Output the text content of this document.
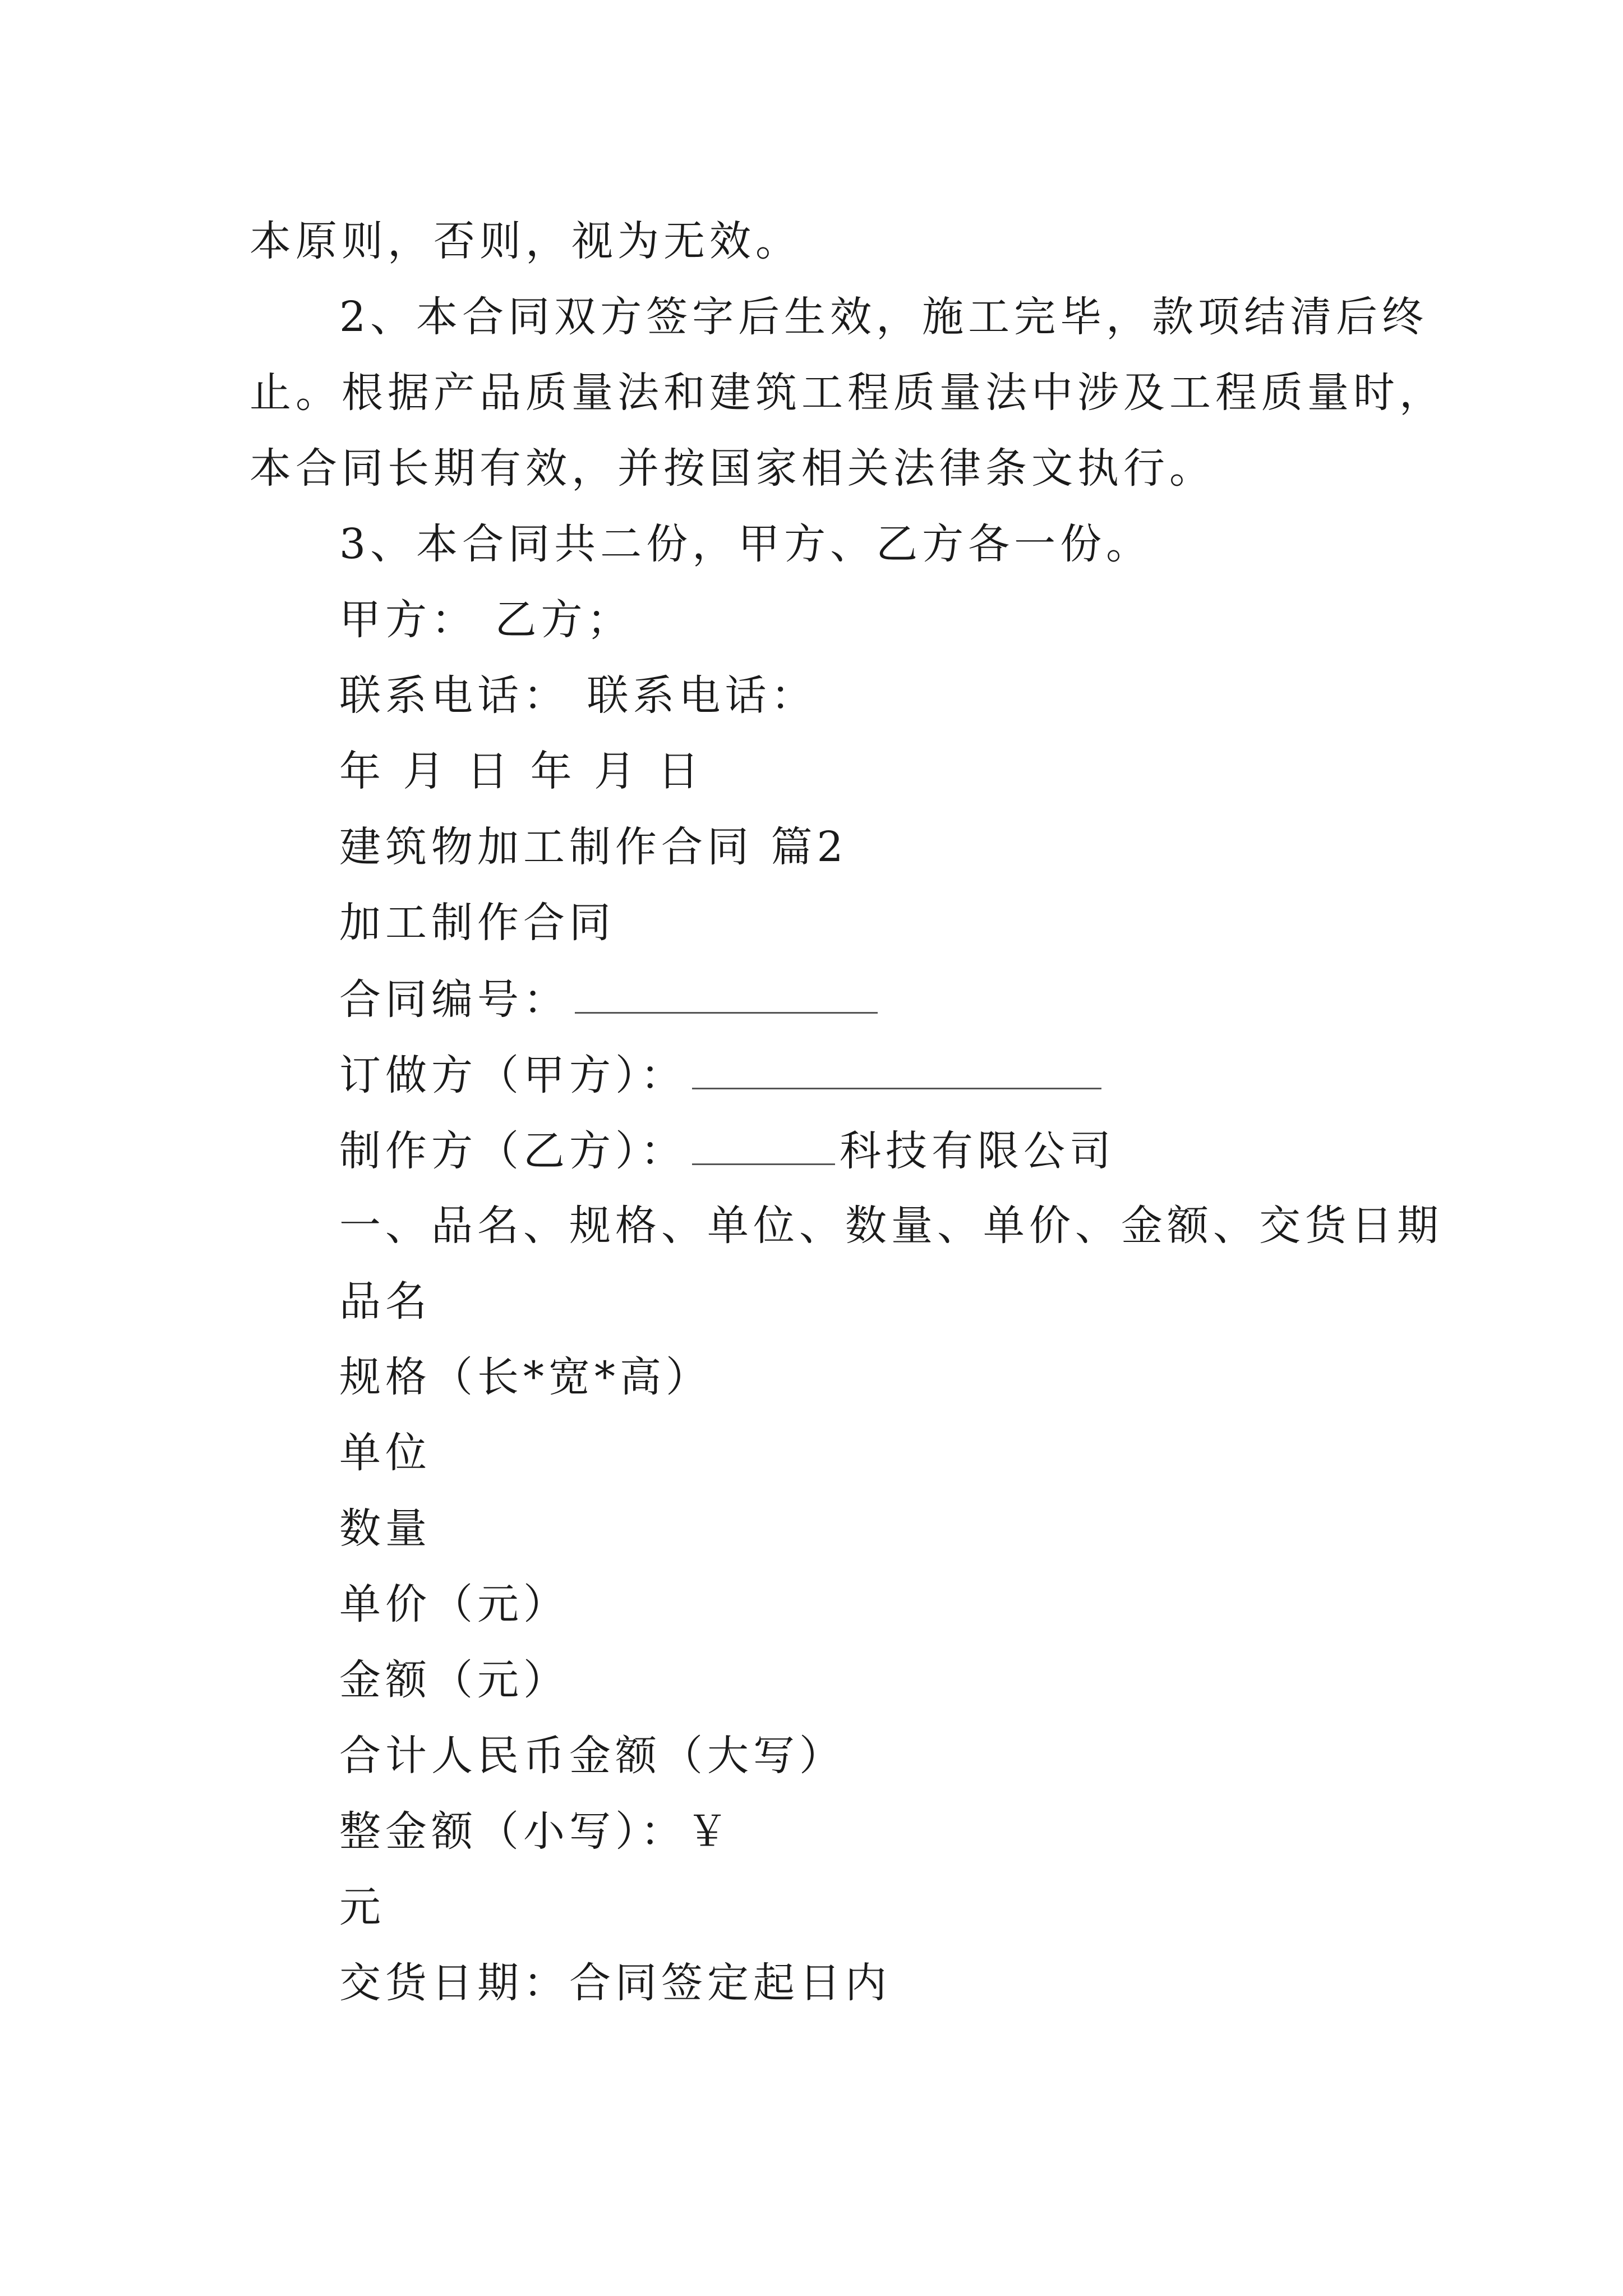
本原则，否则，视为无效。
2、本合同双方签字后生效，施工完毕，款项结清后终
止。根据产品质量法和建筑工程质量法中涉及工程质量时，
本合同长期有效，并按国家相关法律条文执行。
3、本合同共二份，甲方、乙方各一份。
甲方： 乙方；
联系电话： 联系电话：
年 月 日 年 月 日
建筑物加工制作合同 篇2
加工制作合同
合同编号：
订做方（甲方）：
制作方（乙方）：	科技有限公司
一、品名、规格、单位、数量、单价、金额、交货日期
品名
规格（长*宽*高）
单位
数量
单价（元）
金额（元）
合计人民币金额（大写）
整金额（小写）：￥
元
交货日期：合同签定起日内
